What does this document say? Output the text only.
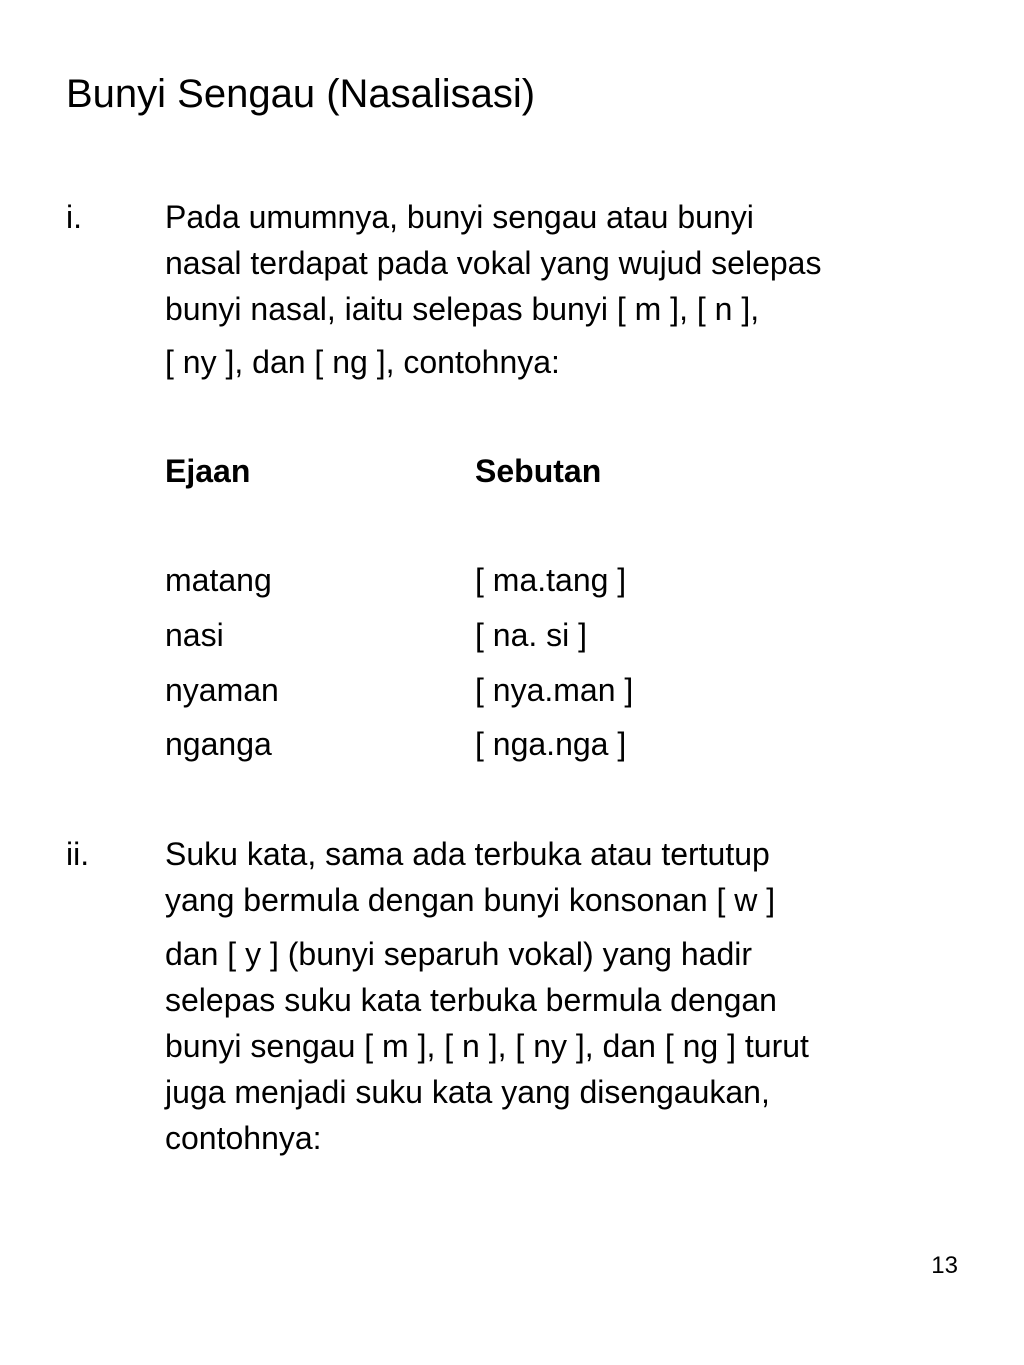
Bunyi Sengau (Nasalisasi)
i.	Pada umumnya, bunyi sengau atau bunyi
nasal terdapat pada vokal yang wujud selepas
bunyi nasal, iaitu selepas bunyi [ m ], [ n ],
[ ny ], dan [ ng ], contohnya:
Ejaan	Sebutan
matang	[ ma.tang ]
nasi	[ na. si ]
nyaman	[ nya.man ]
nganga	[ nga.nga ]
ii. Suku kata, sama ada terbuka atau tertutup
yang bermula dengan bunyi konsonan [ w ]
dan [ y ] (bunyi separuh vokal) yang hadir
selepas suku kata terbuka bermula dengan
bunyi sengau [ m ], [ n ], [ ny ], dan [ ng ] turut
juga menjadi suku kata yang disengaukan,
contohnya:
13
